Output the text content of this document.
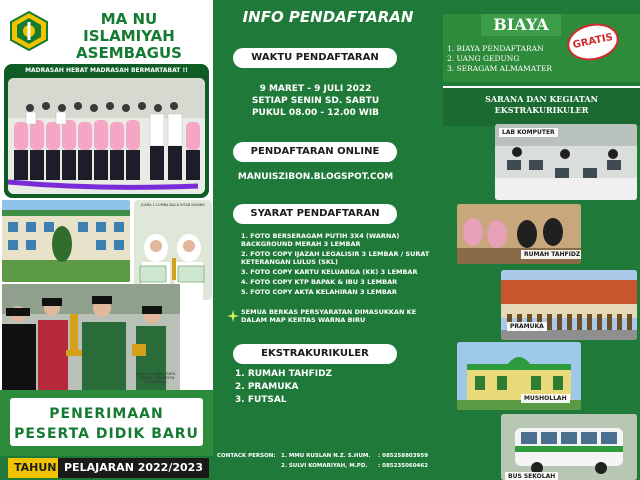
MA NU ISLAMIYAH ASEMBAGUS
MADRASAH HEBAT MADRASAH BERMARTABAT !!
JUARA 1 LOMBA BACA KITAB KUNING
JUARA 1 LOMBA TARTIL TINGKAT KABUPATEN SITUBONDO
PENERIMAAN
PESERTA DIDIK BARU
TAHUN PELAJARAN 2022/2023
INFO PENDAFTARAN
WAKTU PENDAFTARAN
9 MARET - 9 JULI 2022
SETIAP SENIN SD. SABTU
PUKUL 08.00 - 12.00 WIB
PENDAFTARAN ONLINE
MANUISZIBON.BLOGSPOT.COM
SYARAT PENDAFTARAN
1. FOTO BERSERAGAM PUTIH 3X4 (WARNA) BACKGROUND MERAH 3 LEMBAR
2. FOTO COPY IJAZAH LEGALISIR 3 LEMBAR / SURAT KETERANGAN LULUS (SKL)
3. FOTO COPY KARTU KELUARGA (KK) 3 LEMBAR
4. FOTO COPY KTP BAPAK & IBU 3 LEMBAR
5. FOTO COPY AKTA KELAHIRAN 3 LEMBAR
SEMUA BERKAS PERSYARATAN DIMASUKKAN KE DALAM MAP KERTAS WARNA BIRU
EKSTRAKURIKULER
1. RUMAH TAHFIDZ
2. PRAMUKA
3. FUTSAL
CONTACK PERSON: 1. MMU RUSLAN N.Z. S.HUM.
2. SULVI KOMARIYAH, M.PD.
: 085258803959
: 085235060462
BIAYA
GRATIS
1. BIAYA PENDAFTARAN
2. UANG GEDUNG
3. SERAGAM ALMAMATER
SARANA DAN KEGIATAN EKSTRAKURIKULER
LAB KOMPUTER
RUMAH TAHFIDZ
PRAMUKA
MUSHOLLAH
BUS SEKOLAH
